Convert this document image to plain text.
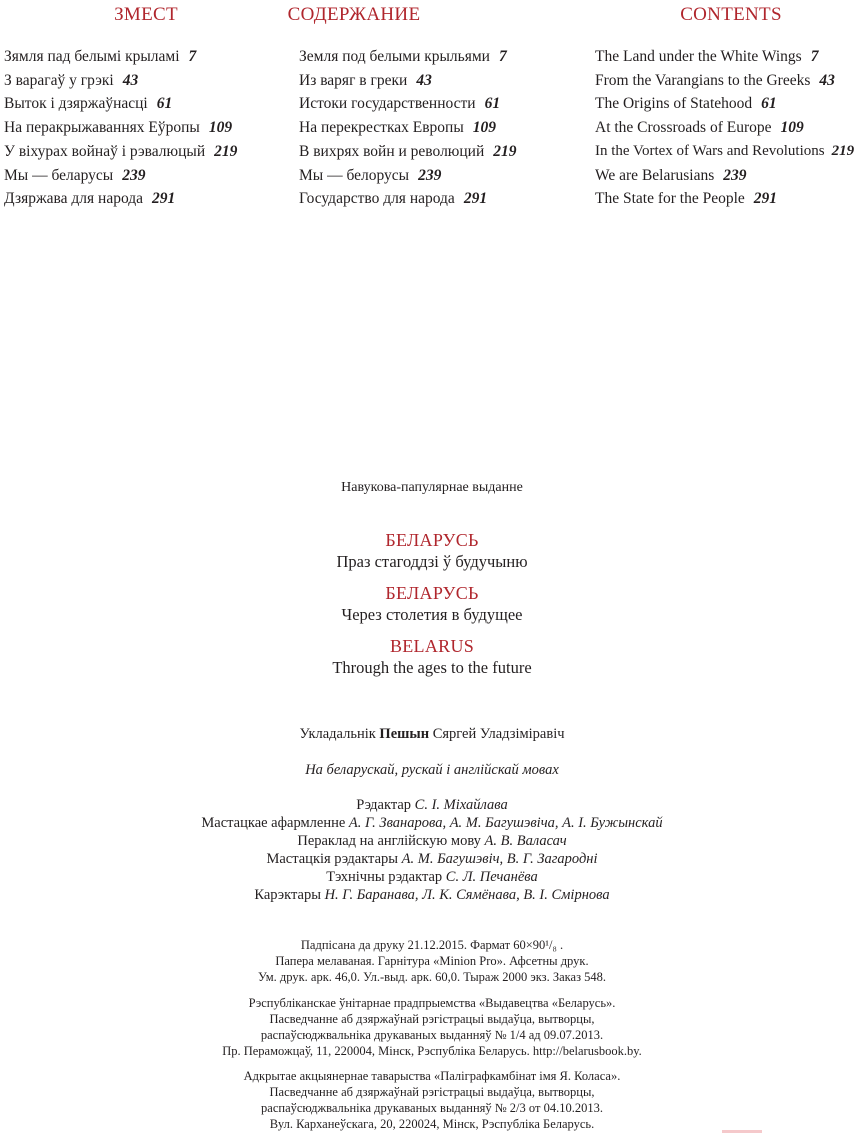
ЗМЕСТ
Зямля пад белымі крыламі 7
З варагаў у грэкі 43
Выток і дзяржаўнасці 61
На перакрыжаваннях Еўропы 109
У віхурах войнаў і рэвалюцый 219
Мы — беларусы 239
Дзяржава для народа 291
СОДЕРЖАНИЕ
Земля под белыми крыльями 7
Из варяг в греки 43
Истоки государственности 61
На перекрестках Европы 109
В вихрях войн и революций 219
Мы — белорусы 239
Государство для народа 291
CONTENTS
The Land under the White Wings 7
From the Varangians to the Greeks 43
The Origins of Statehood 61
At the Crossroads of Europe 109
In the Vortex of Wars and Revolutions 219
We are Belarusians 239
The State for the People 291
Навукова-папулярнае выданне
БЕЛАРУСЬ
Праз стагоддзі ў будучыню
БЕЛАРУСЬ
Через столетия в будущее
BELARUS
Through the ages to the future
Укладальнік Пешын Сяргей Уладзіміравіч
На беларускай, рускай і англійскай мовах
Рэдактар С. І. Міхайлава
Мастацкае афармленне А. Г. Званарова, А. М. Багушэвіча, А. І. Бужынскай
Пераклад на англійскую мову А. В. Валасач
Мастацкія рэдактары А. М. Багушэвіч, В. Г. Загародні
Тэхнічны рэдактар С. Л. Печанёва
Карэктары Н. Г. Баранава, Л. К. Сямёнава, В. І. Смірнова
Падпісана да друку 21.12.2015. Фармат 60×90¹/₈ .
Папера мелаваная. Гарнітура «Minion Pro». Афсетны друк.
Ум. друк. арк. 46,0. Ул.-выд. арк. 60,0. Тыраж 2000 экз. Заказ 548.
Рэспубліканскае ўнітарнае прадпрыемства «Выдавецтва «Беларусь».
Пасведчанне аб дзяржаўнай рэгістрацыі выдаўца, вытворцы,
распаўсюджвальніка друкаваных выданняў № 1/4 ад 09.07.2013.
Пр. Пераможцаў, 11, 220004, Мінск, Рэспубліка Беларусь. http://belarusbook.by.
Адкрытае акцыянернае таварыства «Паліграфкамбінат імя Я. Коласа».
Пасведчанне аб дзяржаўнай рэгістрацыі выдаўца, вытворцы,
распаўсюджвальніка друкаваных выданняў № 2/3 от 04.10.2013.
Вул. Карханеўскага, 20, 220024, Мінск, Рэспубліка Беларусь.
